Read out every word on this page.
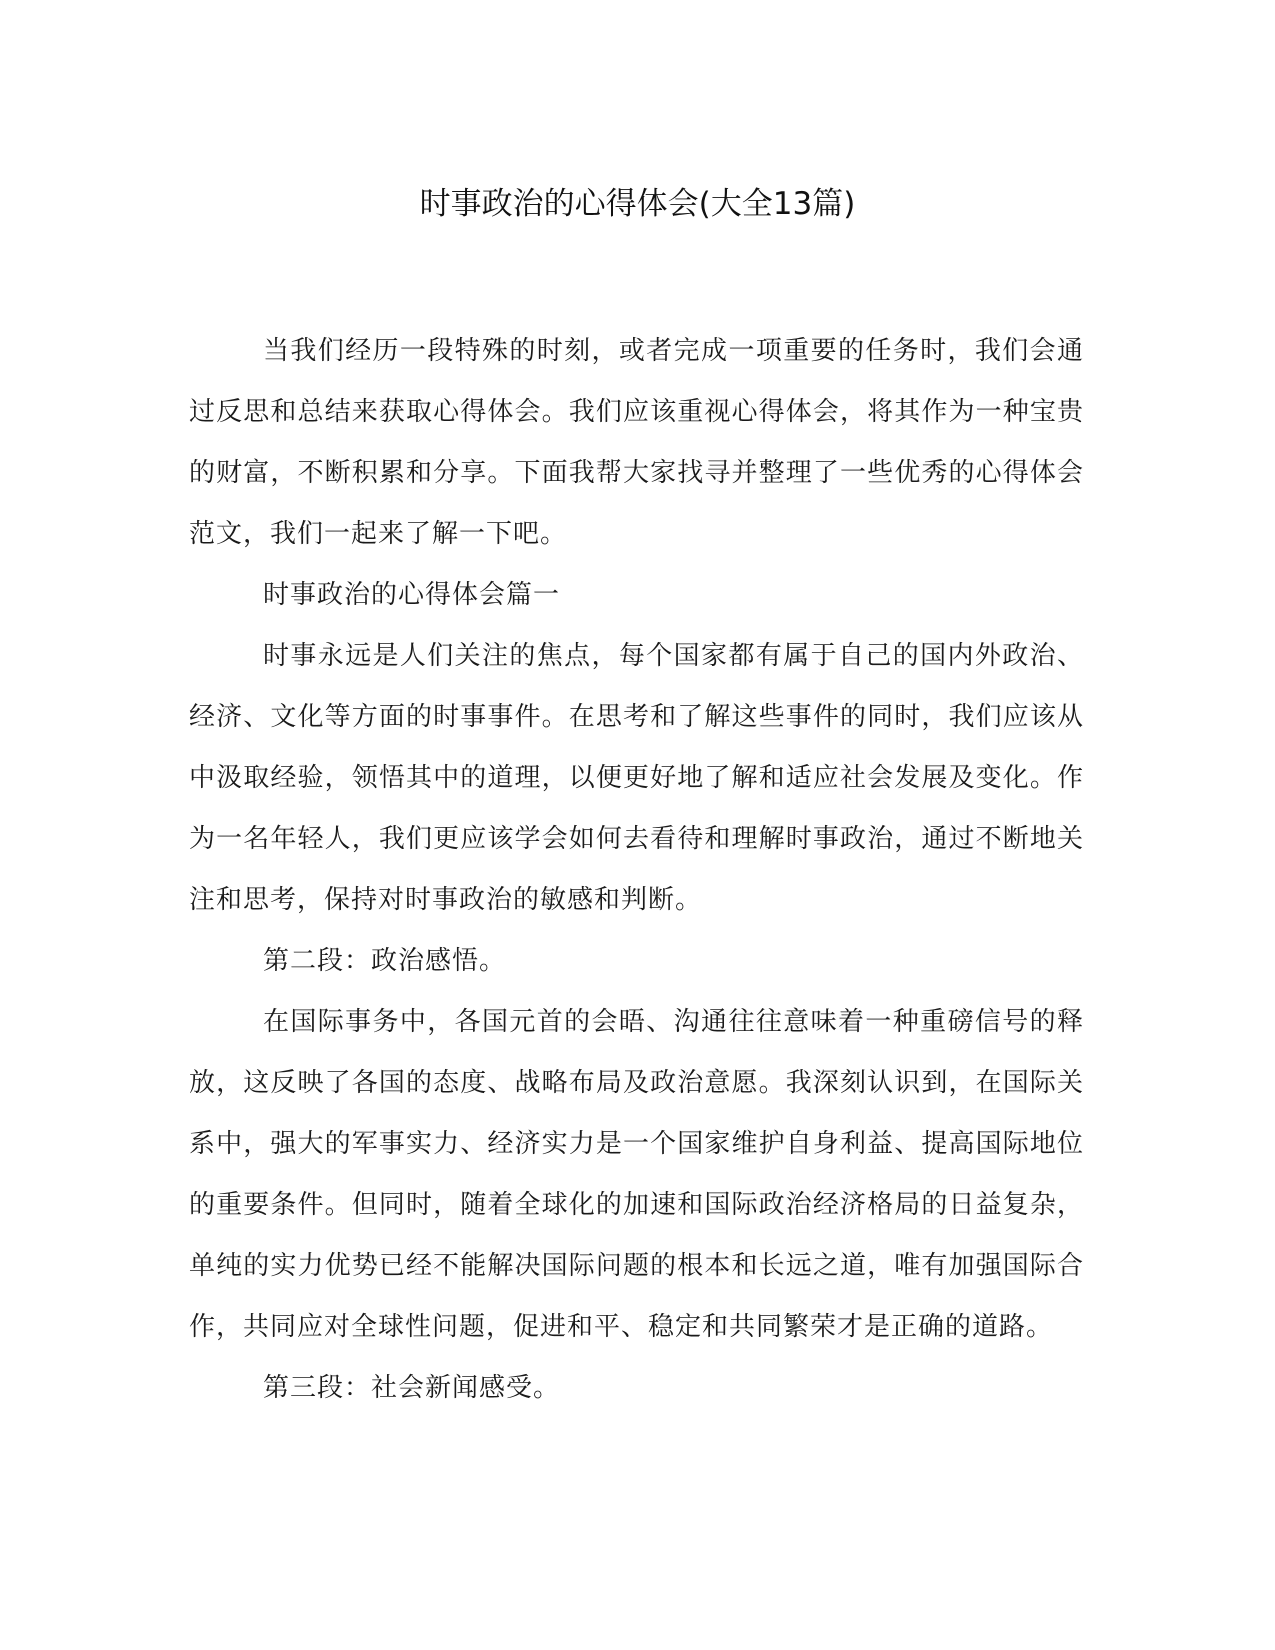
时事政治的心得体会(大全13篇)

当我们经历一段特殊的时刻，或者完成一项重要的任务时，我们会通过反思和总结来获取心得体会。我们应该重视心得体会，将其作为一种宝贵的财富，不断积累和分享。下面我帮大家找寻并整理了一些优秀的心得体会范文，我们一起来了解一下吧。

时事政治的心得体会篇一

时事永远是人们关注的焦点，每个国家都有属于自己的国内外政治、经济、文化等方面的时事事件。在思考和了解这些事件的同时，我们应该从中汲取经验，领悟其中的道理，以便更好地了解和适应社会发展及变化。作为一名年轻人，我们更应该学会如何去看待和理解时事政治，通过不断地关注和思考，保持对时事政治的敏感和判断。

第二段：政治感悟。

在国际事务中，各国元首的会晤、沟通往往意味着一种重磅信号的释放，这反映了各国的态度、战略布局及政治意愿。我深刻认识到，在国际关系中，强大的军事实力、经济实力是一个国家维护自身利益、提高国际地位的重要条件。但同时，随着全球化的加速和国际政治经济格局的日益复杂，单纯的实力优势已经不能解决国际问题的根本和长远之道，唯有加强国际合作，共同应对全球性问题，促进和平、稳定和共同繁荣才是正确的道路。

第三段：社会新闻感受。
